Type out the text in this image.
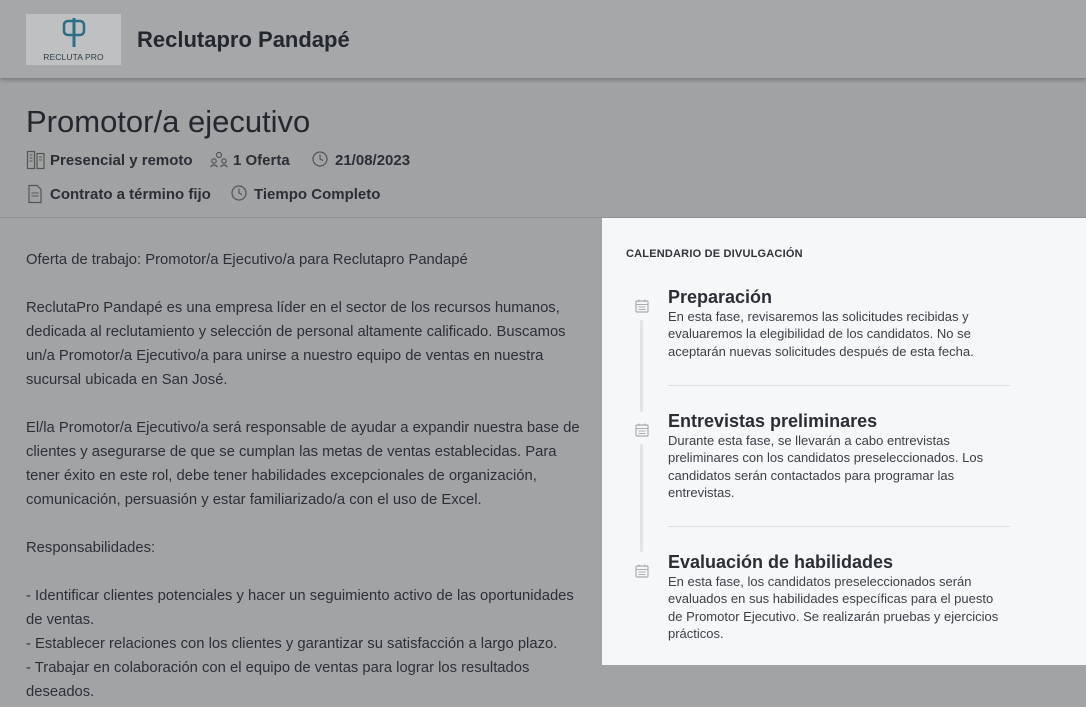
RECLUTA PRO
Reclutapro Pandapé
Promotor/a ejecutivo
Presencial y remoto	1 Oferta	21/08/2023
Contrato a término fijo	Tiempo Completo

Oferta de trabajo: Promotor/a Ejecutivo/a para Reclutapro Pandapé

ReclutaPro Pandapé es una empresa líder en el sector de los recursos humanos, dedicada al reclutamiento y selección de personal altamente calificado. Buscamos un/a Promotor/a Ejecutivo/a para unirse a nuestro equipo de ventas en nuestra sucursal ubicada en San José.

El/la Promotor/a Ejecutivo/a será responsable de ayudar a expandir nuestra base de clientes y asegurarse de que se cumplan las metas de ventas establecidas. Para tener éxito en este rol, debe tener habilidades excepcionales de organización, comunicación, persuasión y estar familiarizado/a con el uso de Excel.

Responsabilidades:

- Identificar clientes potenciales y hacer un seguimiento activo de las oportunidades de ventas.

- Establecer relaciones con los clientes y garantizar su satisfacción a largo plazo.

- Trabajar en colaboración con el equipo de ventas para lograr los resultados deseados.

CALENDARIO DE DIVULGACIÓN
Preparación
En esta fase, revisaremos las solicitudes recibidas y evaluaremos la elegibilidad de los candidatos. No se aceptarán nuevas solicitudes después de esta fecha.
Entrevistas preliminares
Durante esta fase, se llevarán a cabo entrevistas preliminares con los candidatos preseleccionados. Los candidatos serán contactados para programar las entrevistas.
Evaluación de habilidades
En esta fase, los candidatos preseleccionados serán evaluados en sus habilidades específicas para el puesto de Promotor Ejecutivo. Se realizarán pruebas y ejercicios prácticos.
